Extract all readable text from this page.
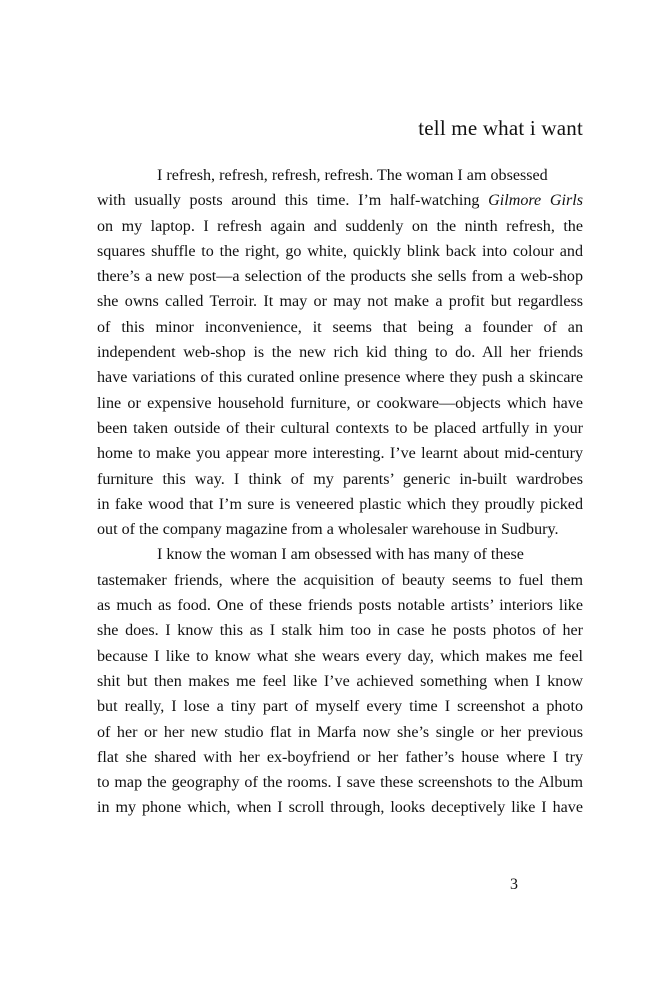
tell me what i want
I refresh, refresh, refresh, refresh. The woman I am obsessed
with usually posts around this time. I’m half-watching Gilmore Girls
on my laptop. I refresh again and suddenly on the ninth refresh, the
squares shuffle to the right, go white, quickly blink back into colour and
there’s a new post—a selection of the products she sells from a web-shop
she owns called Terroir. It may or may not make a profit but regardless
of this minor inconvenience, it seems that being a founder of an
independent web-shop is the new rich kid thing to do. All her friends
have variations of this curated online presence where they push a skincare
line or expensive household furniture, or cookware—objects which have
been taken outside of their cultural contexts to be placed artfully in your
home to make you appear more interesting. I’ve learnt about mid-century
furniture this way. I think of my parents’ generic in-built wardrobes
in fake wood that I’m sure is veneered plastic which they proudly picked
out of the company magazine from a wholesaler warehouse in Sudbury.
I know the woman I am obsessed with has many of these
tastemaker friends, where the acquisition of beauty seems to fuel them
as much as food. One of these friends posts notable artists’ interiors like
she does. I know this as I stalk him too in case he posts photos of her
because I like to know what she wears every day, which makes me feel
shit but then makes me feel like I’ve achieved something when I know
but really, I lose a tiny part of myself every time I screenshot a photo
of her or her new studio flat in Marfa now she’s single or her previous
flat she shared with her ex-boyfriend or her father’s house where I try
to map the geography of the rooms. I save these screenshots to the Album
in my phone which, when I scroll through, looks deceptively like I have
3
